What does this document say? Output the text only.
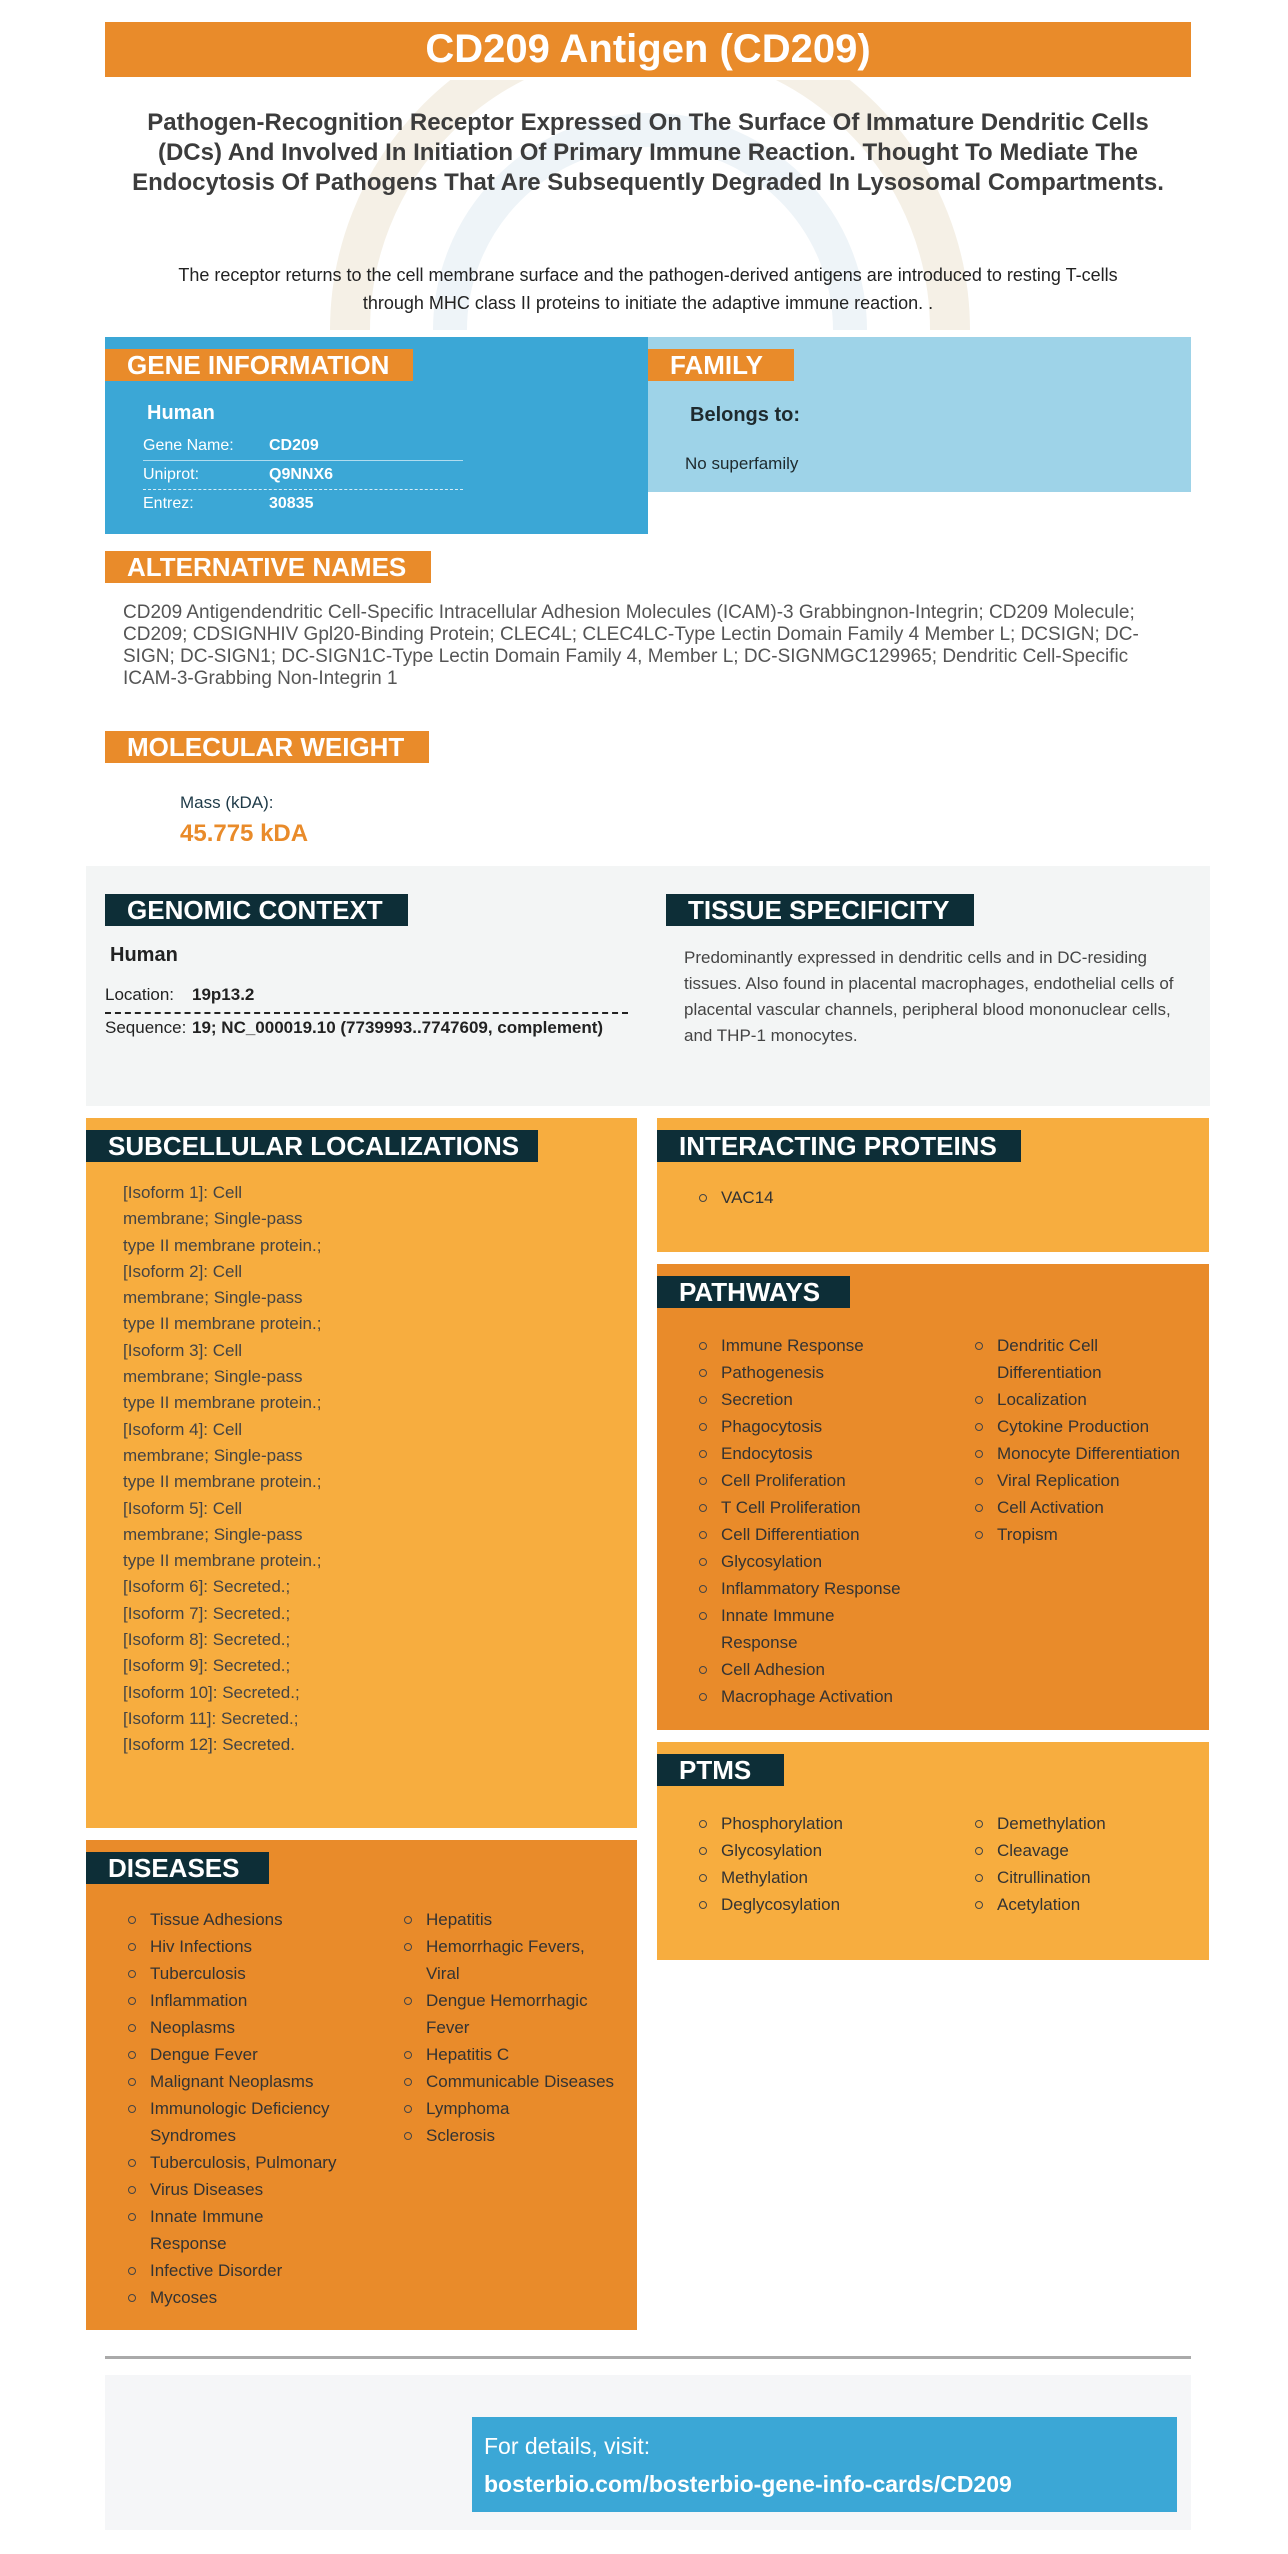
CD209 Antigen (CD209)
Pathogen-Recognition Receptor Expressed On The Surface Of Immature Dendritic Cells (DCs) And Involved In Initiation Of Primary Immune Reaction. Thought To Mediate The Endocytosis Of Pathogens That Are Subsequently Degraded In Lysosomal Compartments.
The receptor returns to the cell membrane surface and the pathogen-derived antigens are introduced to resting T-cells through MHC class II proteins to initiate the adaptive immune reaction. .
GENE INFORMATION
Human
Gene Name: CD209
Uniprot:	Q9NNX6
Entrez:	30835
FAMILY
Belongs to:
No superfamily
ALTERNATIVE NAMES
CD209 Antigendendritic Cell-Specific Intracellular Adhesion Molecules (ICAM)-3 Grabbingnon-Integrin; CD209 Molecule; CD209; CDSIGNHIV Gpl20-Binding Protein; CLEC4L; CLEC4LC-Type Lectin Domain Family 4 Member L; DCSIGN; DC-SIGN; DC-SIGN1; DC-SIGN1C-Type Lectin Domain Family 4, Member L; DC-SIGNMGC129965; Dendritic Cell-Specific ICAM-3-Grabbing Non-Integrin 1
MOLECULAR WEIGHT
Mass (kDA):
45.775 kDA
GENOMIC CONTEXT
Human
Location: 19p13.2
Sequence: 19; NC_000019.10 (7739993..7747609, complement)
TISSUE SPECIFICITY
Predominantly expressed in dendritic cells and in DC-residing tissues. Also found in placental macrophages, endothelial cells of placental vascular channels, peripheral blood mononuclear cells, and THP-1 monocytes.
SUBCELLULAR LOCALIZATIONS
[Isoform 1]: Cell membrane; Single-pass type II membrane protein.; [Isoform 2]: Cell membrane; Single-pass type II membrane protein.; [Isoform 3]: Cell membrane; Single-pass type II membrane protein.; [Isoform 4]: Cell membrane; Single-pass type II membrane protein.; [Isoform 5]: Cell membrane; Single-pass type II membrane protein.; [Isoform 6]: Secreted.; [Isoform 7]: Secreted.; [Isoform 8]: Secreted.; [Isoform 9]: Secreted.; [Isoform 10]: Secreted.; [Isoform 11]: Secreted.; [Isoform 12]: Secreted.
DISEASES
Tissue Adhesions
Hiv Infections
Tuberculosis
Inflammation
Neoplasms
Dengue Fever
Malignant Neoplasms
Immunologic Deficiency Syndromes
Tuberculosis, Pulmonary
Virus Diseases
Innate Immune Response
Infective Disorder
Mycoses
Hepatitis
Hemorrhagic Fevers, Viral
Dengue Hemorrhagic Fever
Hepatitis C
Communicable Diseases
Lymphoma
Sclerosis
INTERACTING PROTEINS
VAC14
PATHWAYS
Immune Response
Pathogenesis
Secretion
Phagocytosis
Endocytosis
Cell Proliferation
T Cell Proliferation
Cell Differentiation
Glycosylation
Inflammatory Response
Innate Immune Response
Cell Adhesion
Macrophage Activation
Dendritic Cell Differentiation
Localization
Cytokine Production
Monocyte Differentiation
Viral Replication
Cell Activation
Tropism
PTMS
Phosphorylation
Glycosylation
Methylation
Deglycosylation
Demethylation
Cleavage
Citrullination
Acetylation
For details, visit:
bosterbio.com/bosterbio-gene-info-cards/CD209
